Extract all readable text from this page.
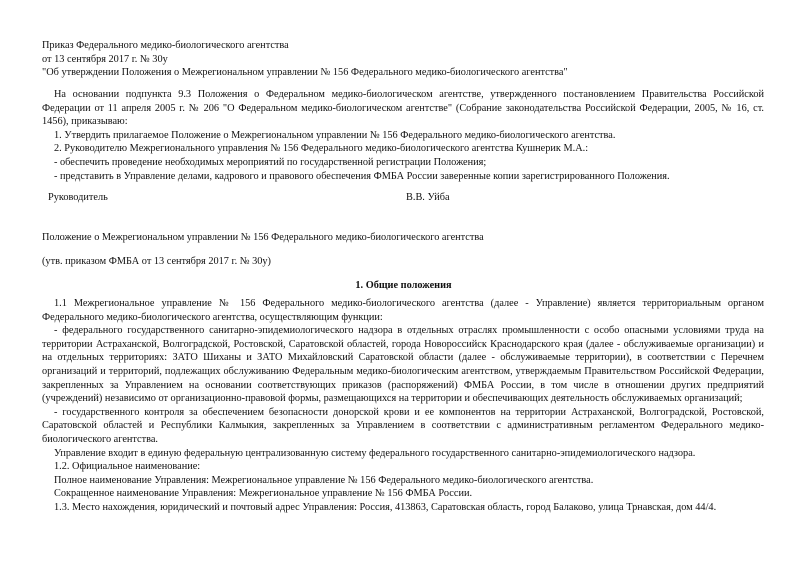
Приказ Федерального медико-биологического агентства
от 13 сентября 2017 г. № 30у
"Об утверждении Положения о Межрегиональном управлении № 156 Федерального медико-биологического агентства"

На основании подпункта 9.3 Положения о Федеральном медико-биологическом агентстве, утвержденного постановлением Правительства Российской Федерации от 11 апреля 2005 г. № 206 "О Федеральном медико-биологическом агентстве" (Собрание законодательства Российской Федерации, 2005, № 16, ст. 1456), приказываю:

1. Утвердить прилагаемое Положение о Межрегиональном управлении № 156 Федерального медико-биологического агентства.
2. Руководителю Межрегионального управления № 156 Федерального медико-биологического агентства Кушнерик М.А.:
- обеспечить проведение необходимых мероприятий по государственной регистрации Положения;
- представить в Управление делами, кадрового и правового обеспечения ФМБА России заверенные копии зарегистрированного Положения.
Руководитель	В.В. Уйба
Положение о Межрегиональном управлении № 156 Федерального медико-биологического агентства
(утв. приказом ФМБА от 13 сентября 2017 г. № 30у)
1. Общие положения

1.1 Межрегиональное управление № 156 Федерального медико-биологического агентства (далее - Управление) является территориальным органом Федерального медико-биологического агентства, осуществляющим функции:

- федерального государственного санитарно-эпидемиологического надзора в отдельных отраслях промышленности с особо опасными условиями труда на территории Астраханской, Волгоградской, Ростовской, Саратовской областей, города Новороссийск Краснодарского края (далее - обслуживаемые организации) и на отдельных территориях: ЗАТО Шиханы и ЗАТО Михайловский Саратовской области (далее - обслуживаемые территории), в соответствии с Перечнем организаций и территорий, подлежащих обслуживанию Федеральным медико-биологическим агентством, утверждаемым Правительством Российской Федерации, закрепленных за Управлением на основании соответствующих приказов (распоряжений) ФМБА России, в том числе в отношении других предприятий (учреждений) независимо от организационно-правовой формы, размещающихся на территории и обеспечивающих деятельность обслуживаемых организаций;

- государственного контроля за обеспечением безопасности донорской крови и ее компонентов на территории Астраханской, Волгоградской, Ростовской, Саратовской областей и Республики Калмыкия, закрепленных за Управлением в соответствии с административным регламентом Федерального медико-биологического агентства.

Управление входит в единую федеральную централизованную систему федерального государственного санитарно-эпидемиологического надзора.
1.2. Официальное наименование:
Полное наименование Управления: Межрегиональное управление № 156 Федерального медико-биологического агентства.
Сокращенное наименование Управления: Межрегиональное управление № 156 ФМБА России.
1.3. Место нахождения, юридический и почтовый адрес Управления: Россия, 413863, Саратовская область, город Балаково, улица Трнавская, дом 44/4.
